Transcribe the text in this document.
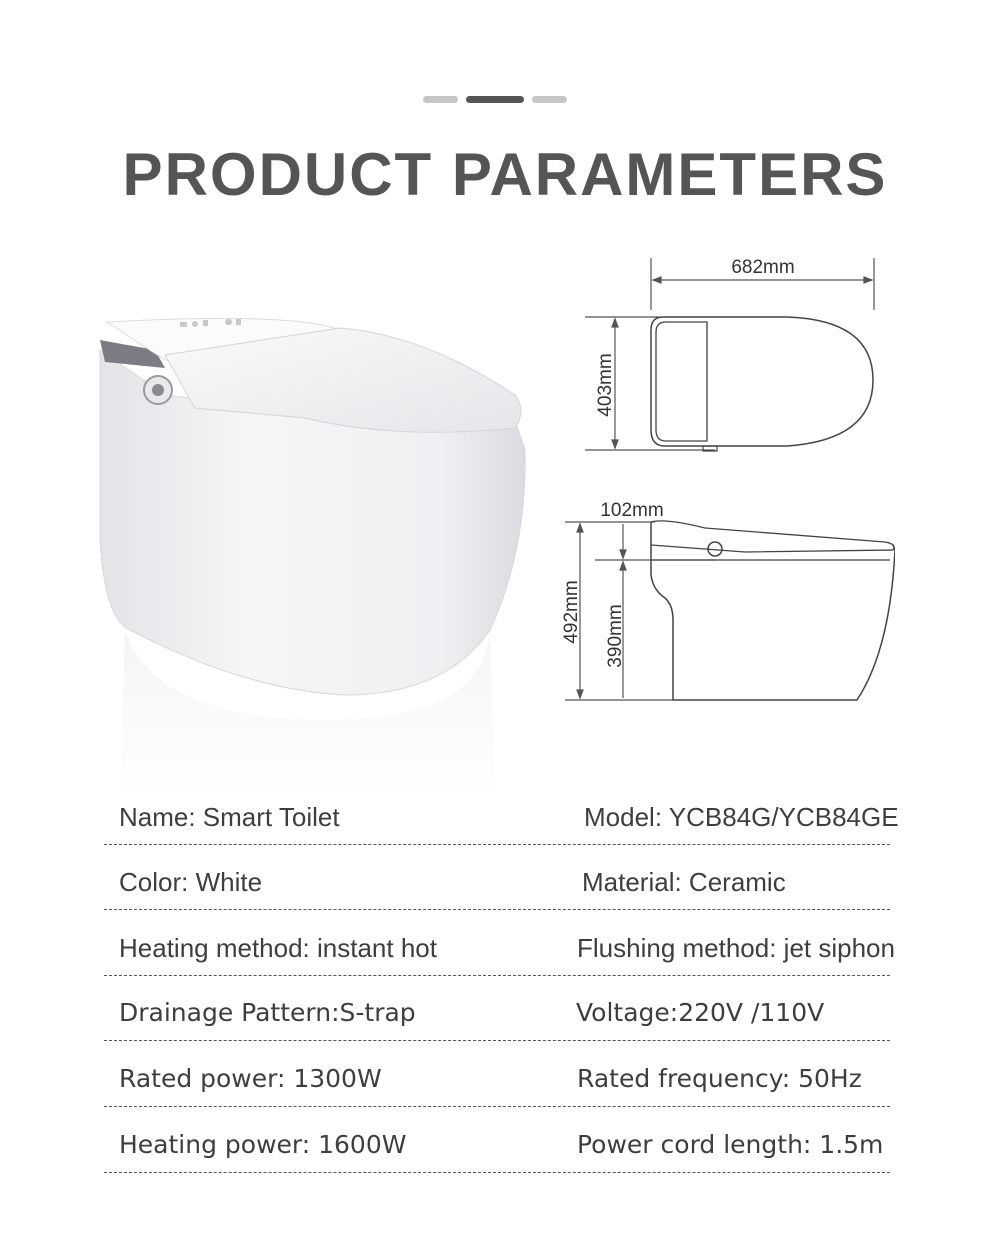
PRODUCT PARAMETERS
682mm
403mm
102mm
492mm 390mm
Name: Smart Toilet	Model: YCB84G/YCB84GE
Color: White	Material: Ceramic
Heating method: instant hot	Flushing method: jet siphon
Drainage Pattern:S-trap	Voltage:220V /110V
Rated power: 1300W	Rated frequency: 50Hz
Heating power: 1600W	Power cord length: 1.5m
